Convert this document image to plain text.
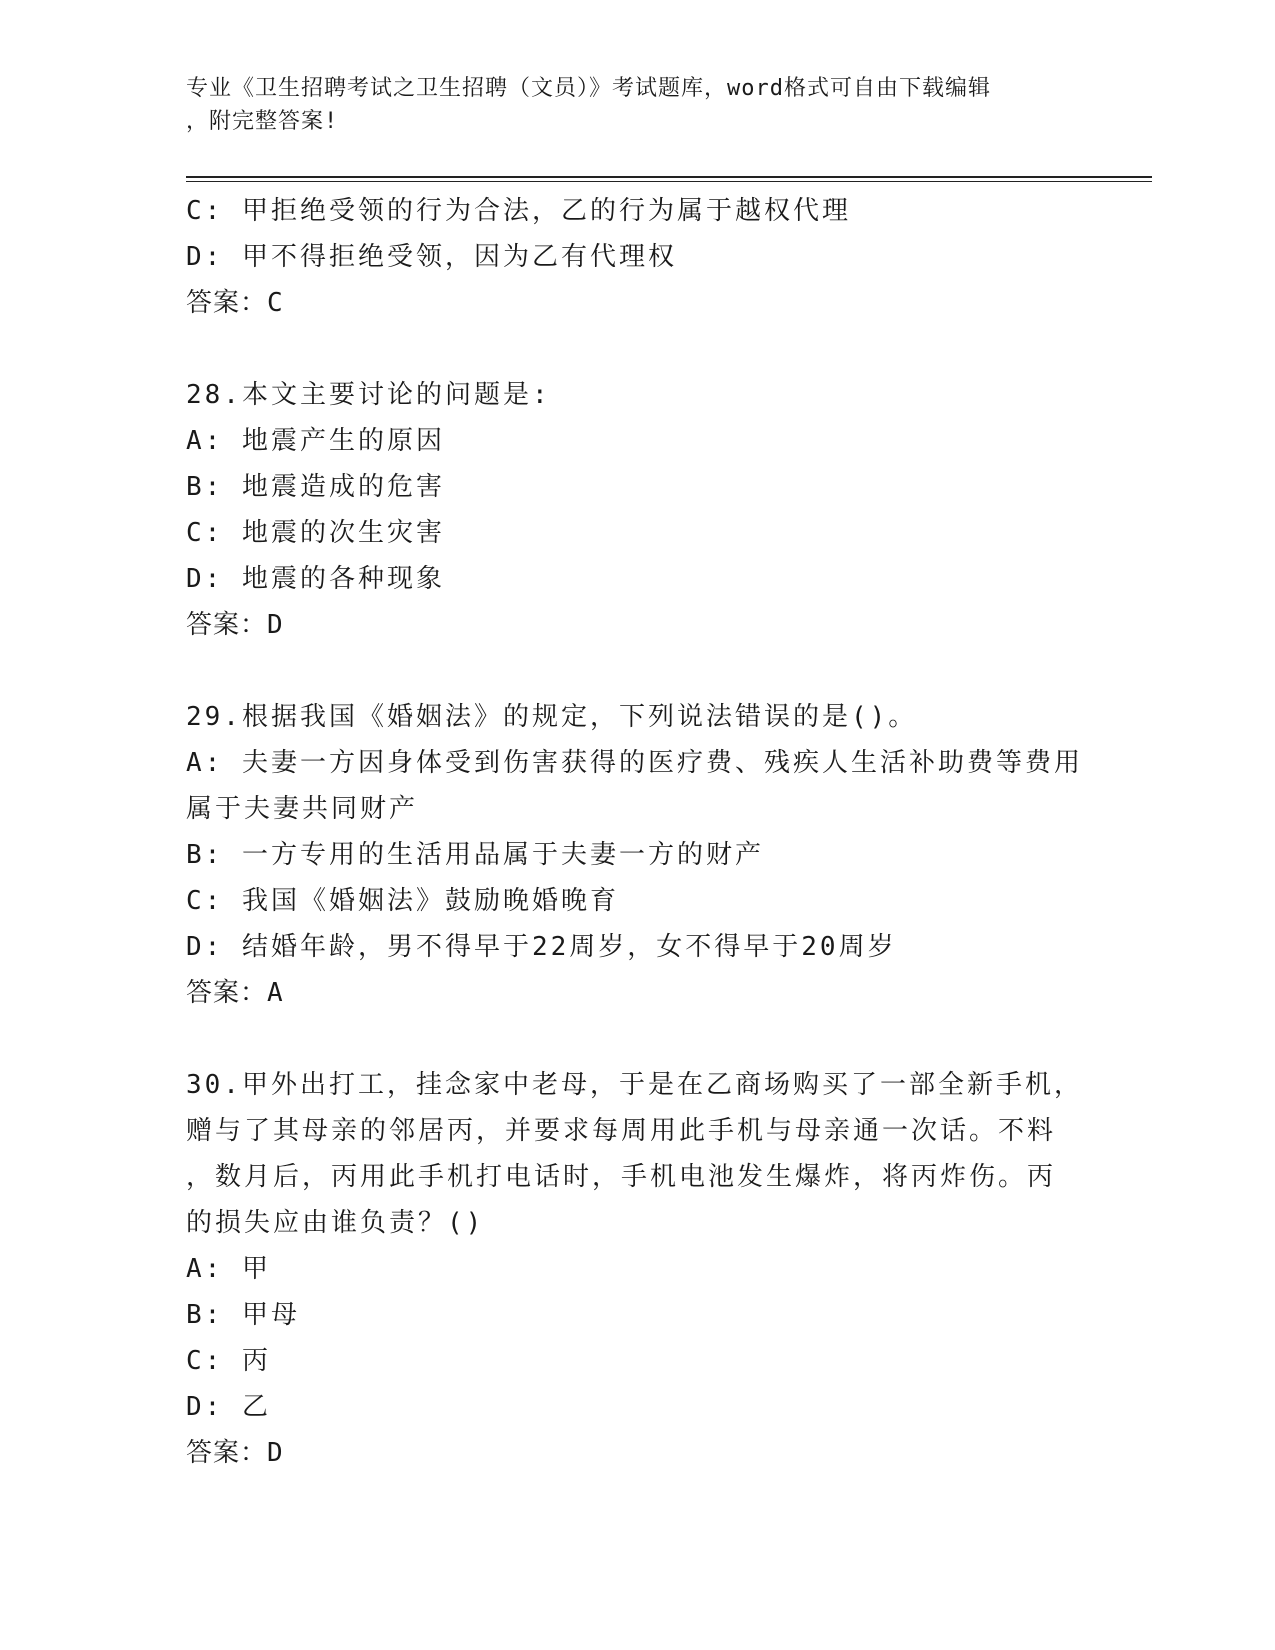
专业《卫生招聘考试之卫生招聘（文员）》考试题库，word格式可自由下载编辑
，附完整答案!
C: 甲拒绝受领的行为合法，乙的行为属于越权代理
D: 甲不得拒绝受领，因为乙有代理权
答案：C
28.本文主要讨论的问题是:
A: 地震产生的原因
B: 地震造成的危害
C: 地震的次生灾害
D: 地震的各种现象
答案：D
29.根据我国《婚姻法》的规定，下列说法错误的是()。
A: 夫妻一方因身体受到伤害获得的医疗费、残疾人生活补助费等费用
属于夫妻共同财产
B: 一方专用的生活用品属于夫妻一方的财产
C: 我国《婚姻法》鼓励晚婚晚育
D: 结婚年龄，男不得早于22周岁，女不得早于20周岁
答案：A
30.甲外出打工，挂念家中老母，于是在乙商场购买了一部全新手机，
赠与了其母亲的邻居丙，并要求每周用此手机与母亲通一次话。不料
，数月后，丙用此手机打电话时，手机电池发生爆炸，将丙炸伤。丙
的损失应由谁负责？()
A: 甲
B: 甲母
C: 丙
D: 乙
答案：D
